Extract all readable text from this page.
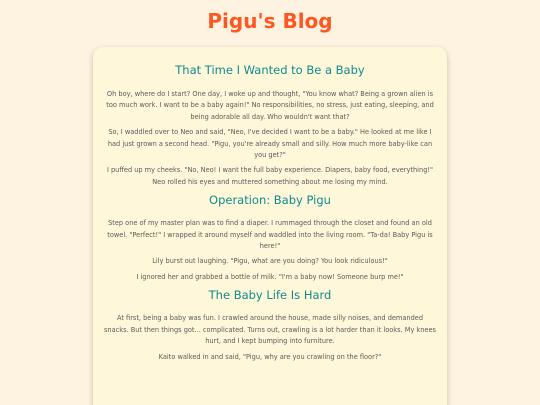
Pigu's Blog
That Time I Wanted to Be a Baby

Oh boy, where do I start? One day, I woke up and thought, "You know what? Being a grown alien is too much work. I want to be a baby again!" No responsibilities, no stress, just eating, sleeping, and being adorable all day. Who wouldn't want that?

So, I waddled over to Neo and said, "Neo, I've decided I want to be a baby." He looked at me like I had just grown a second head. "Pigu, you're already small and silly. How much more baby-like can you get?"

I puffed up my cheeks. "No, Neo! I want the full baby experience. Diapers, baby food, everything!" Neo rolled his eyes and muttered something about me losing my mind.

Operation: Baby Pigu

Step one of my master plan was to find a diaper. I rummaged through the closet and found an old towel. "Perfect!" I wrapped it around myself and waddled into the living room. "Ta-da! Baby Pigu is here!"

Lily burst out laughing. "Pigu, what are you doing? You look ridiculous!"

I ignored her and grabbed a bottle of milk. "I'm a baby now! Someone burp me!"

The Baby Life Is Hard

At first, being a baby was fun. I crawled around the house, made silly noises, and demanded snacks. But then things got... complicated. Turns out, crawling is a lot harder than it looks. My knees hurt, and I kept bumping into furniture.

Kaito walked in and said, "Pigu, why are you crawling on the floor?"
